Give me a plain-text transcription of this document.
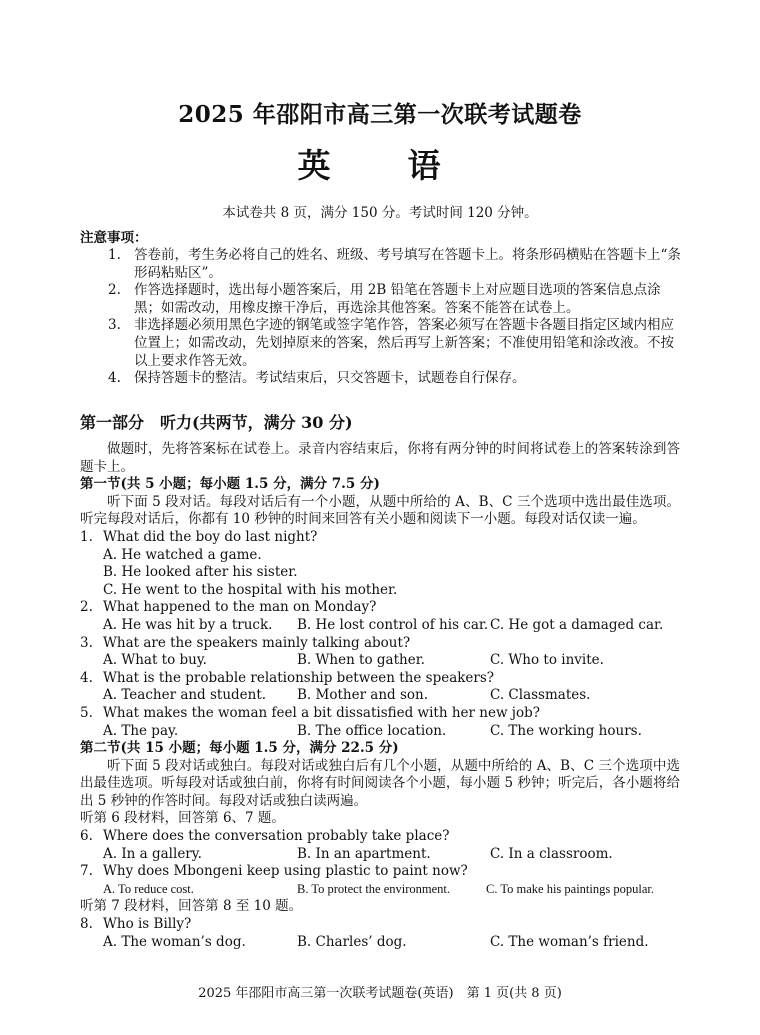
2025 年邵阳市高三第一次联考试题卷
英　语
本试卷共 8 页，满分 150 分。考试时间 120 分钟。
注意事项：

1. 答卷前，考生务必将自己的姓名、班级、考号填写在答题卡上。将条形码横贴在答题卡上“条形码粘贴区”。

2. 作答选择题时，选出每小题答案后，用 2B 铅笔在答题卡上对应题目选项的答案信息点涂黑；如需改动，用橡皮擦干净后，再选涂其他答案。答案不能答在试卷上。

3. 非选择题必须用黑色字迹的钢笔或签字笔作答，答案必须写在答题卡各题目指定区域内相应位置上；如需改动，先划掉原来的答案，然后再写上新答案；不准使用铅笔和涂改液。不按以上要求作答无效。

4. 保持答题卡的整洁。考试结束后，只交答题卡，试题卷自行保存。

第一部分　听力(共两节，满分 30 分)

做题时，先将答案标在试卷上。录音内容结束后，你将有两分钟的时间将试卷上的答案转涂到答题卡上。

第一节(共 5 小题；每小题 1.5 分，满分 7.5 分)

听下面 5 段对话。每段对话后有一个小题，从题中所给的 A、B、C 三个选项中选出最佳选项。听完每段对话后，你都有 10 秒钟的时间来回答有关小题和阅读下一小题。每段对话仅读一遍。

1. What did the boy do last night?

A. He watched a game.

B. He looked after his sister.

C. He went to the hospital with his mother.

2. What happened to the man on Monday?

A. He was hit by a truck. B. He lost control of his car. C. He got a damaged car.

3. What are the speakers mainly talking about?

A. What to buy.	B. When to gather.	C. Who to invite.

4. What is the probable relationship between the speakers?

A. Teacher and student. B. Mother and son.	C. Classmates.

5. What makes the woman feel a bit dissatisfied with her new job?

A. The pay.	B. The office location.	C. The working hours.

第二节(共 15 小题；每小题 1.5 分，满分 22.5 分)

听下面 5 段对话或独白。每段对话或独白后有几个小题，从题中所给的 A、B、C 三个选项中选出最佳选项。听每段对话或独白前，你将有时间阅读各个小题，每小题 5 秒钟；听完后，各小题将给出 5 秒钟的作答时间。每段对话或独白读两遍。

听第 6 段材料，回答第 6、7 题。

6. Where does the conversation probably take place?

A. In a gallery.	B. In an apartment.	C. In a classroom.

7. Why does Mbongeni keep using plastic to paint now?

A. To reduce cost.	B. To protect the environment.	C. To make his paintings popular.

听第 7 段材料，回答第 8 至 10 题。

8. Who is Billy?

A. The woman’s dog.	B. Charles’ dog.	C. The woman’s friend.
2025 年邵阳市高三第一次联考试题卷(英语)　第 1 页(共 8 页)
